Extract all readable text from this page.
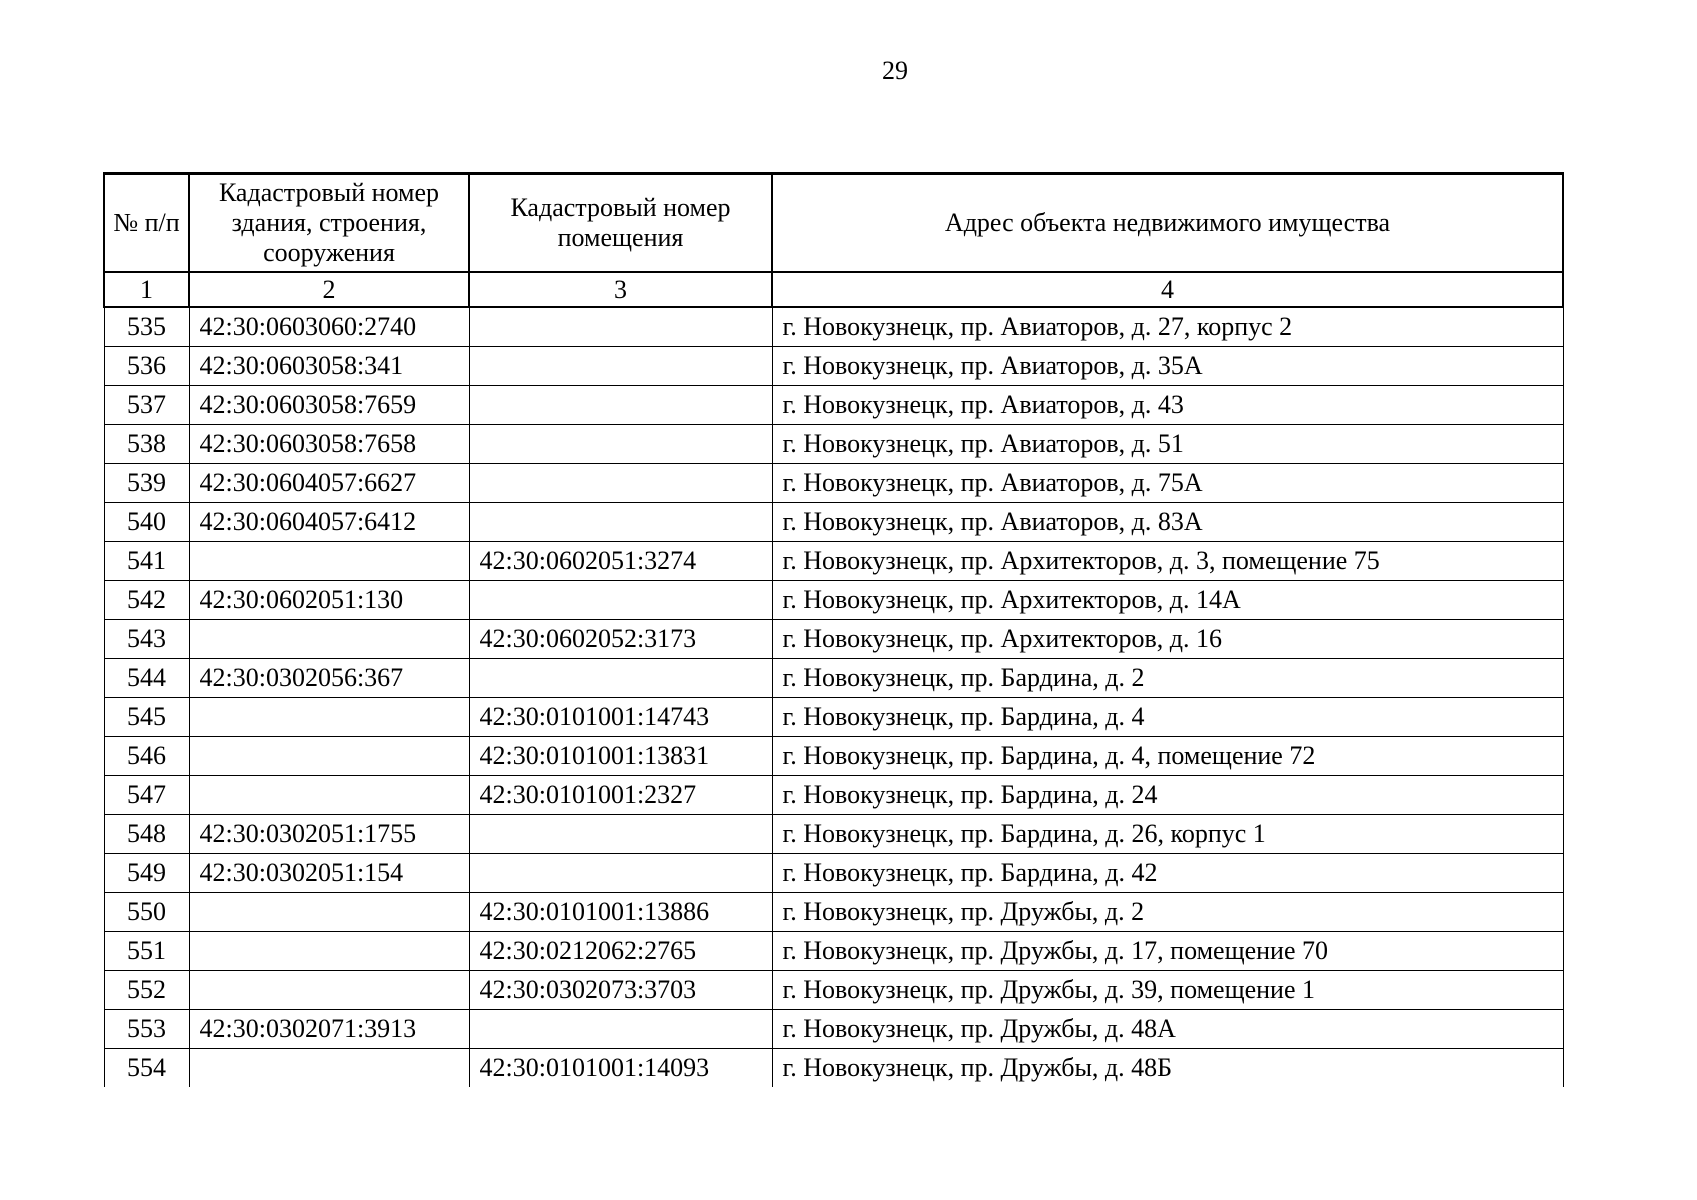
29
№ п/п	Кадастровый номер здания, строения, сооружения	Кадастровый номер помещения	Адрес объекта недвижимого имущества
1	2	3	4
535	42:30:0603060:2740		г. Новокузнецк, пр. Авиаторов, д. 27, корпус 2
536	42:30:0603058:341		г. Новокузнецк, пр. Авиаторов, д. 35А
537	42:30:0603058:7659		г. Новокузнецк, пр. Авиаторов, д. 43
538	42:30:0603058:7658		г. Новокузнецк, пр. Авиаторов, д. 51
539	42:30:0604057:6627		г. Новокузнецк, пр. Авиаторов, д. 75А
540	42:30:0604057:6412		г. Новокузнецк, пр. Авиаторов, д. 83А
541		42:30:0602051:3274	г. Новокузнецк, пр. Архитекторов, д. 3, помещение 75
542	42:30:0602051:130		г. Новокузнецк, пр. Архитекторов, д. 14А
543		42:30:0602052:3173	г. Новокузнецк, пр. Архитекторов, д. 16
544	42:30:0302056:367		г. Новокузнецк, пр. Бардина, д. 2
545		42:30:0101001:14743	г. Новокузнецк, пр. Бардина, д. 4
546		42:30:0101001:13831	г. Новокузнецк, пр. Бардина, д. 4, помещение 72
547		42:30:0101001:2327	г. Новокузнецк, пр. Бардина, д. 24
548	42:30:0302051:1755		г. Новокузнецк, пр. Бардина, д. 26, корпус 1
549	42:30:0302051:154		г. Новокузнецк, пр. Бардина, д. 42
550		42:30:0101001:13886	г. Новокузнецк, пр. Дружбы, д. 2
551		42:30:0212062:2765	г. Новокузнецк, пр. Дружбы, д. 17, помещение 70
552		42:30:0302073:3703	г. Новокузнецк, пр. Дружбы, д. 39, помещение 1
553	42:30:0302071:3913		г. Новокузнецк, пр. Дружбы, д. 48А
554		42:30:0101001:14093	г. Новокузнецк, пр. Дружбы, д. 48Б
